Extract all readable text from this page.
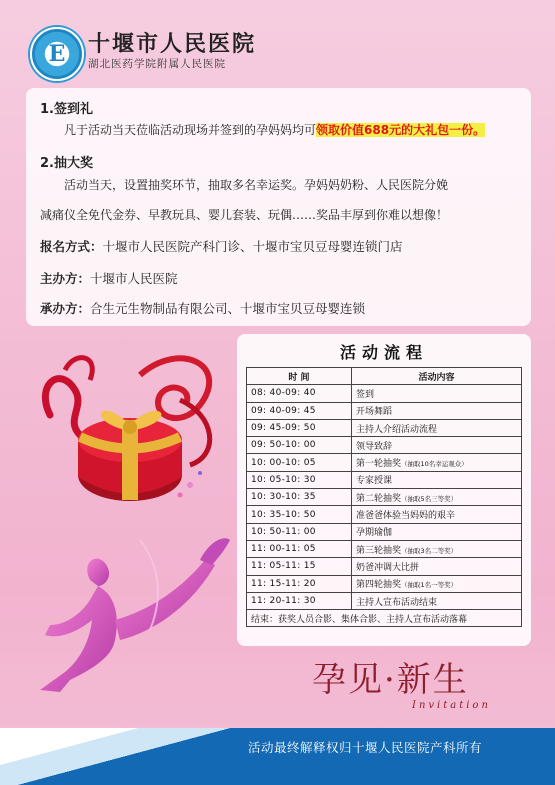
E	十堰市人民医院
湖北医药学院附属人民医院
1.签到礼
凡于活动当天莅临活动现场并签到的孕妈妈均可领取价值688元的大礼包一份。
2.抽大奖
活动当天，设置抽奖环节，抽取多名幸运奖。孕妈妈奶粉、人民医院分娩
减痛仪全免代金券、早教玩具、婴儿套装、玩偶……奖品丰厚到你难以想像！
报名方式：十堰市人民医院产科门诊、十堰市宝贝豆母婴连锁门店
主办方：十堰市人民医院
承办方：合生元生物制品有限公司、十堰市宝贝豆母婴连锁
活动流程
时 间	活动内容
08: 40-09: 40	签到
09: 40-09: 45	开场舞蹈
09: 45-09: 50	主持人介绍活动流程
09: 50-10: 00	领导致辞
10: 00-10: 05	第一轮抽奖（抽取10名幸运观众）
10: 05-10: 30	专家授课
10: 30-10: 35	第二轮抽奖（抽取5名三等奖）
10: 35-10: 50	准爸爸体验当妈妈的艰辛
10: 50-11: 00	孕期瑜伽
11: 00-11: 05	第三轮抽奖（抽取3名二等奖）
11: 05-11: 15	奶爸冲调大比拼
11: 15-11: 20	第四轮抽奖（抽取1名一等奖）
11: 20-11: 30	主持人宣布活动结束
结束：获奖人员合影、集体合影、主持人宣布活动落幕	
孕见·新生
Invitation
活动最终解释权归十堰人民医院产科所有
